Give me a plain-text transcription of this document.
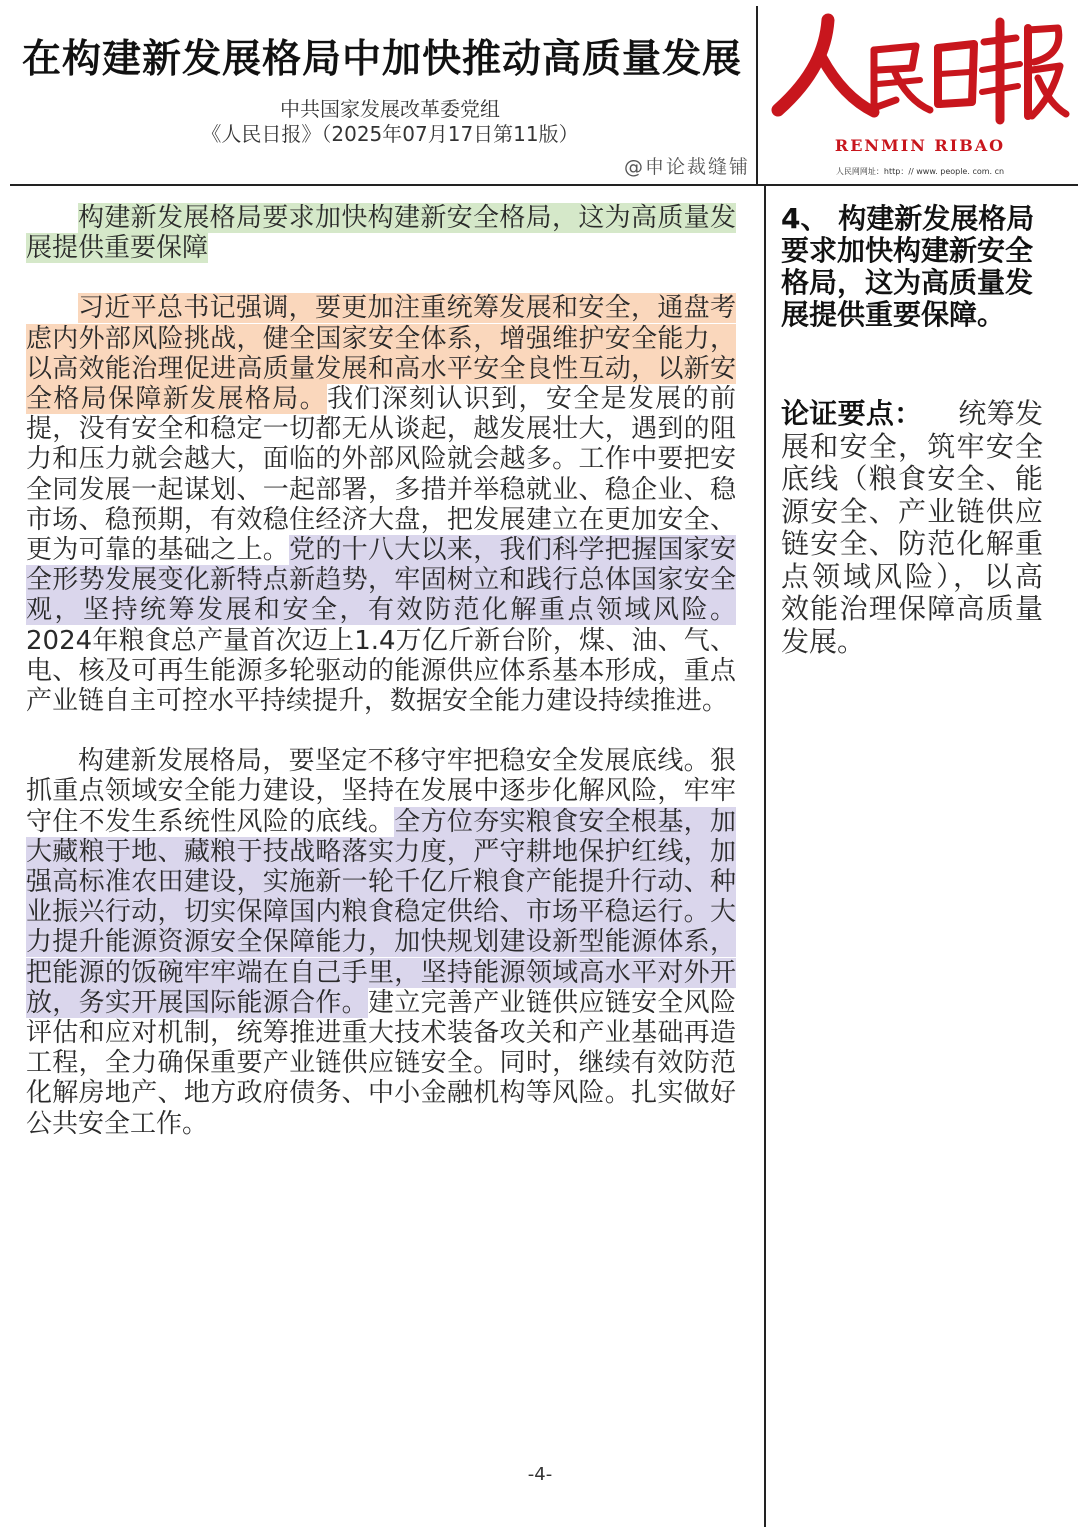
在构建新发展格局中加快推动高质量发展
中共国家发展改革委党组
《人民日报》（2025年07月17日第11版）
@申论裁缝铺
RENMIN RIBAO
人民网网址：http：// www. people. com. cn

构建新发展格局要求加快构建新安全格局，这为高质量发展提供重要保障

习近平总书记强调，要更加注重统筹发展和安全，通盘考虑内外部风险挑战，健全国家安全体系，增强维护安全能力，以高效能治理促进高质量发展和高水平安全良性互动，以新安全格局保障新发展格局。我们深刻认识到，安全是发展的前提，没有安全和稳定一切都无从谈起，越发展壮大，遇到的阻力和压力就会越大，面临的外部风险就会越多。工作中要把安全同发展一起谋划、一起部署，多措并举稳就业、稳企业、稳市场、稳预期，有效稳住经济大盘，把发展建立在更加安全、更为可靠的基础之上。党的十八大以来，我们科学把握国家安全形势发展变化新特点新趋势，牢固树立和践行总体国家安全观，坚持统筹发展和安全，有效防范化解重点领域风险。2024年粮食总产量首次迈上1.4万亿斤新台阶，煤、油、气、电、核及可再生能源多轮驱动的能源供应体系基本形成，重点产业链自主可控水平持续提升，数据安全能力建设持续推进。

构建新发展格局，要坚定不移守牢把稳安全发展底线。狠抓重点领域安全能力建设，坚持在发展中逐步化解风险，牢牢守住不发生系统性风险的底线。全方位夯实粮食安全根基，加大藏粮于地、藏粮于技战略落实力度，严守耕地保护红线，加强高标准农田建设，实施新一轮千亿斤粮食产能提升行动、种业振兴行动，切实保障国内粮食稳定供给、市场平稳运行。大力提升能源资源安全保障能力，加快规划建设新型能源体系，把能源的饭碗牢牢端在自己手里，坚持能源领域高水平对外开放，务实开展国际能源合作。建立完善产业链供应链安全风险评估和应对机制，统筹推进重大技术装备攻关和产业基础再造工程，全力确保重要产业链供应链安全。同时，继续有效防范化解房地产、地方政府债务、中小金融机构等风险。扎实做好公共安全工作。

4、 构建新发展格局要求加快构建新安全格局，这为高质量发展提供重要保障。

论证要点： 统筹发展和安全，筑牢安全底线（粮食安全、能源安全、产业链供应链安全、防范化解重点领域风险），以高效能治理保障高质量发展。

-4-
